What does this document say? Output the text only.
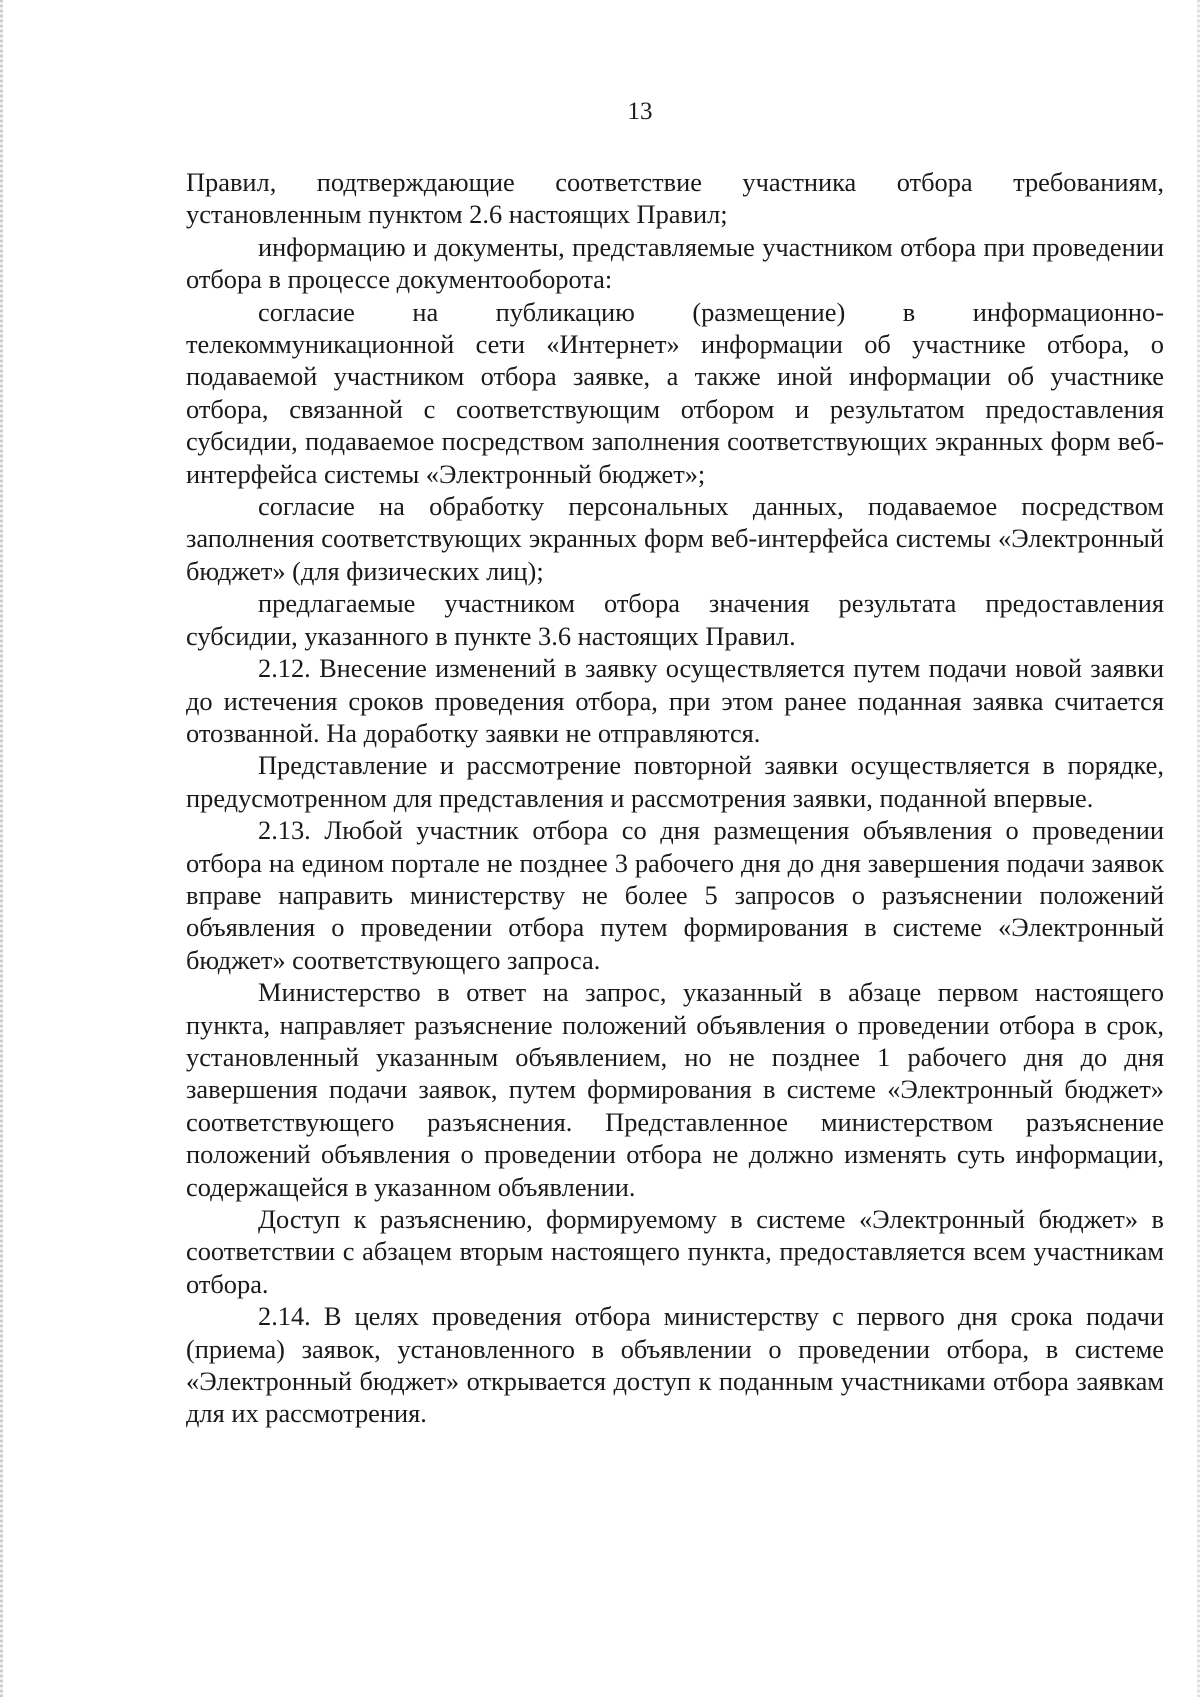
13

Правил, подтверждающие соответствие участника отбора требованиям, установленным пунктом 2.6 настоящих Правил;

информацию и документы, представляемые участником отбора при проведении отбора в процессе документооборота:

согласие на публикацию (размещение) в информационно-телекоммуникационной сети «Интернет» информации об участнике отбора, о подаваемой участником отбора заявке, а также иной информации об участнике отбора, связанной с соответствующим отбором и результатом предоставления субсидии, подаваемое посредством заполнения соответствующих экранных форм веб-интерфейса системы «Электронный бюджет»;

согласие на обработку персональных данных, подаваемое посредством заполнения соответствующих экранных форм веб-интерфейса системы «Электронный бюджет» (для физических лиц);

предлагаемые участником отбора значения результата предоставления субсидии, указанного в пункте 3.6 настоящих Правил.

2.12. Внесение изменений в заявку осуществляется путем подачи новой заявки до истечения сроков проведения отбора, при этом ранее поданная заявка считается отозванной. На доработку заявки не отправляются.

Представление и рассмотрение повторной заявки осуществляется в порядке, предусмотренном для представления и рассмотрения заявки, поданной впервые.

2.13. Любой участник отбора со дня размещения объявления о проведении отбора на едином портале не позднее 3 рабочего дня до дня завершения подачи заявок вправе направить министерству не более 5 запросов о разъяснении положений объявления о проведении отбора путем формирования в системе «Электронный бюджет» соответствующего запроса.

Министерство в ответ на запрос, указанный в абзаце первом настоящего пункта, направляет разъяснение положений объявления о проведении отбора в срок, установленный указанным объявлением, но не позднее 1 рабочего дня до дня завершения подачи заявок, путем формирования в системе «Электронный бюджет» соответствующего разъяснения. Представленное министерством разъяснение положений объявления о проведении отбора не должно изменять суть информации, содержащейся в указанном объявлении.

Доступ к разъяснению, формируемому в системе «Электронный бюджет» в соответствии с абзацем вторым настоящего пункта, предоставляется всем участникам отбора.

2.14. В целях проведения отбора министерству с первого дня срока подачи (приема) заявок, установленного в объявлении о проведении отбора, в системе «Электронный бюджет» открывается доступ к поданным участниками отбора заявкам для их рассмотрения.
